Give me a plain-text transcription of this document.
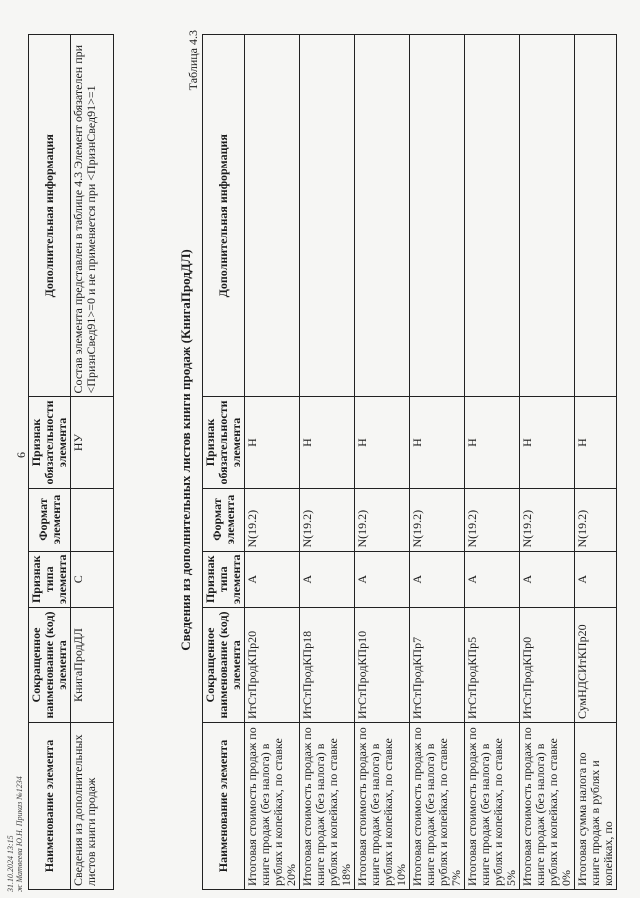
31.10.2024 13:15 ж Матвеева Ю.Н. Приказ №1234
6
Наименование элемента	Сокращенное наименование (код) элемента	Признак типа элемента	Формат элемента	Признак обязательности элемента	Дополнительная информация
Сведения из дополнительных листов книги продаж	КнигаПродДЛ	С		НУ	Состав элемента представлен в таблице 4.3 Элемент обязателен при <ПризнСвед91>=0 и не применяется при <ПризнСвед91>=1
Сведения из дополнительных листов книги продаж (КнигаПродДЛ)
Таблица 4.3
Наименование элемента	Сокращенное наименование (код) элемента	Признак типа элемента	Формат элемента	Признак обязательности элемента	Дополнительная информация
Итоговая стоимость продаж по книге продаж (без налога) в рублях и копейках, по ставке 20%	ИтСтПродКПр20	А	N(19.2)	Н	
Итоговая стоимость продаж по книге продаж (без налога) в рублях и копейках, по ставке 18%	ИтСтПродКПр18	А	N(19.2)	Н	
Итоговая стоимость продаж по книге продаж (без налога) в рублях и копейках, по ставке 10%	ИтСтПродКПр10	А	N(19.2)	Н	
Итоговая стоимость продаж по книге продаж (без налога) в рублях и копейках, по ставке 7%	ИтСтПродКПр7	А	N(19.2)	Н	
Итоговая стоимость продаж по книге продаж (без налога) в рублях и копейках, по ставке 5%	ИтСтПродКПр5	А	N(19.2)	Н	
Итоговая стоимость продаж по книге продаж (без налога) в рублях и копейках, по ставке 0%	ИтСтПродКПр0	А	N(19.2)	Н	
Итоговая сумма налога по книге продаж в рублях и копейках, по	СумНДСИтКПр20	А	N(19.2)	Н	
